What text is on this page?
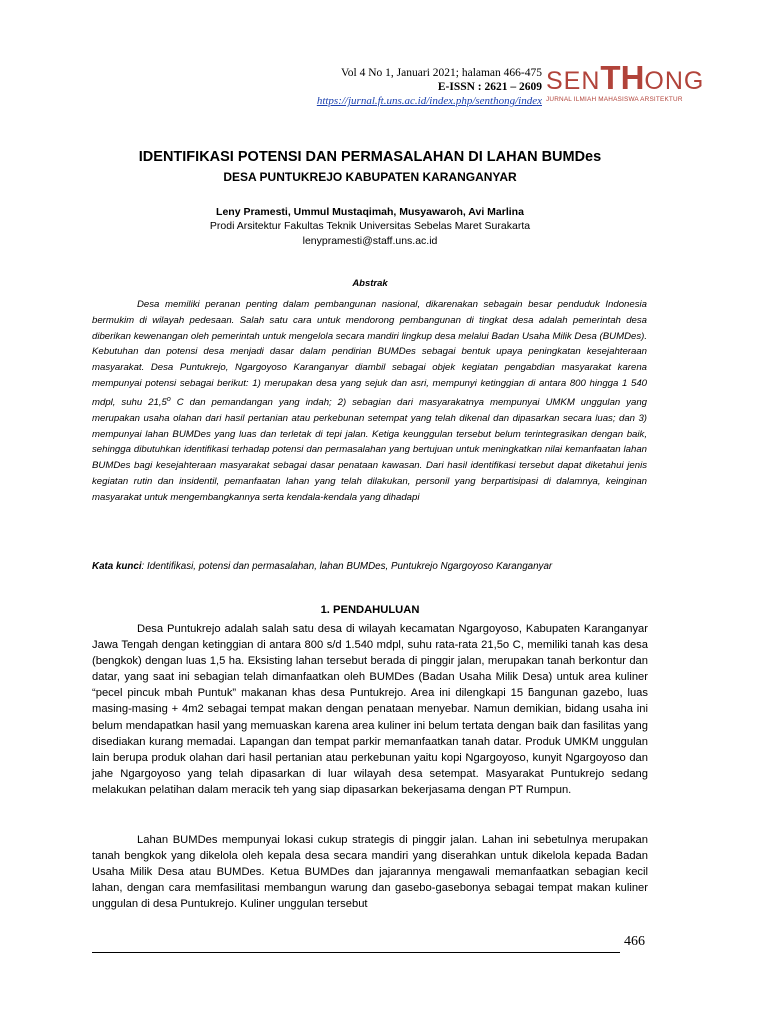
Vol 4 No 1, Januari 2021; halaman 466-475
E-ISSN : 2621 – 2609
https://jurnal.ft.uns.ac.id/index.php/senthong/index
SENTHONG
JURNAL ILMIAH MAHASISWA ARSITEKTUR
IDENTIFIKASI POTENSI DAN PERMASALAHAN DI LAHAN BUMDes
DESA PUNTUKREJO KABUPATEN KARANGANYAR
Leny Pramesti, Ummul Mustaqimah, Musyawaroh, Avi Marlina
Prodi Arsitektur Fakultas Teknik Universitas Sebelas Maret Surakarta
lenypramesti@staff.uns.ac.id
Abstrak

Desa memiliki peranan penting dalam pembangunan nasional, dikarenakan sebagain besar penduduk Indonesia bermukim di wilayah pedesaan. Salah satu cara untuk mendorong pembangunan di tingkat desa adalah pemerintah desa diberikan kewenangan oleh pemerintah untuk mengelola secara mandiri lingkup desa melalui Badan Usaha Milik Desa (BUMDes). Kebutuhan dan potensi desa menjadi dasar dalam pendirian BUMDes sebagai bentuk upaya peningkatan kesejahteraan masyarakat. Desa Puntukrejo, Ngargoyoso Karanganyar diambil sebagai objek kegiatan pengabdian masyarakat karena mempunyai potensi sebagai berikut: 1) merupakan desa yang sejuk dan asri, mempunyi ketinggian di antara 800 hingga 1 540 mdpl, suhu 21,5$^o$ C dan pemandangan yang indah; 2) sebagian dari masyarakatnya mempunyai UMKM unggulan yang merupakan usaha olahan dari hasil pertanian atau perkebunan setempat yang telah dikenal dan dipasarkan secara luas; dan 3) mempunyai lahan BUMDes yang luas dan terletak di tepi jalan. Ketiga keunggulan tersebut belum terintegrasikan dengan baik, sehingga dibutuhkan identifikasi terhadap potensi dan permasalahan yang bertujuan untuk meningkatkan nilai kemanfaatan lahan BUMDes bagi kesejahteraan masyarakat sebagai dasar penataan kawasan. Dari hasil identifikasi tersebut dapat diketahui jenis kegiatan rutin dan insidentil, pemanfaatan lahan yang telah dilakukan, personil yang berpartisipasi di dalamnya, keinginan masyarakat untuk mengembangkannya serta kendala-kendala yang dihadapi

Kata kunci: Identifikasi, potensi dan permasalahan, lahan BUMDes, Puntukrejo Ngargoyoso Karanganyar
1. PENDAHULUAN

Desa Puntukrejo adalah salah satu desa di wilayah kecamatan Ngargoyoso, Kabupaten Karanganyar Jawa Tengah dengan ketinggian di antara 800 s/d 1.540 mdpl, suhu rata-rata 21,5o C, memiliki tanah kas desa (bengkok) dengan luas 1,5 ha. Eksisting lahan tersebut berada di pinggir jalan, merupakan tanah berkontur dan datar, yang saat ini sebagian telah dimanfaatkan oleh BUMDes (Badan Usaha Milik Desa) untuk area kuliner “pecel pincuk mbah Puntuk” makanan khas desa Puntukrejo. Area ini dilengkapi 15 ƃangunan gazebo, luas masing-masing + 4m2 sebagai tempat makan dengan penataan menyebar. Namun demikian, bidang usaha ini belum mendapatkan hasil yang memuaskan karena area kuliner ini belum tertata dengan baik dan fasilitas yang disediakan kurang memadai. Lapangan dan tempat parkir memanfaatkan tanah datar. Produk UMKM unggulan lain berupa produk olahan dari hasil pertanian atau perkebunan yaitu kopi Ngargoyoso, kunyit Ngargoyoso dan jahe Ngargoyoso yang telah dipasarkan di luar wilayah desa setempat. Masyarakat Puntukrejo sedang melakukan pelatihan dalam meracik teh yang siap dipasarkan bekerjasama dengan PT Rumpun.

Lahan BUMDes mempunyai lokasi cukup strategis di pinggir jalan. Lahan ini sebetulnya merupakan tanah bengkok yang dikelola oleh kepala desa secara mandiri yang diserahkan untuk dikelola kepada Badan Usaha Milik Desa atau BUMDes. Ketua BUMDes dan jajarannya mengawali memanfaatkan sebagian kecil lahan, dengan cara memfasilitasi membangun warung dan gasebo-gasebonya sebagai tempat makan kuliner unggulan di desa Puntukrejo. Kuliner unggulan tersebut

466
